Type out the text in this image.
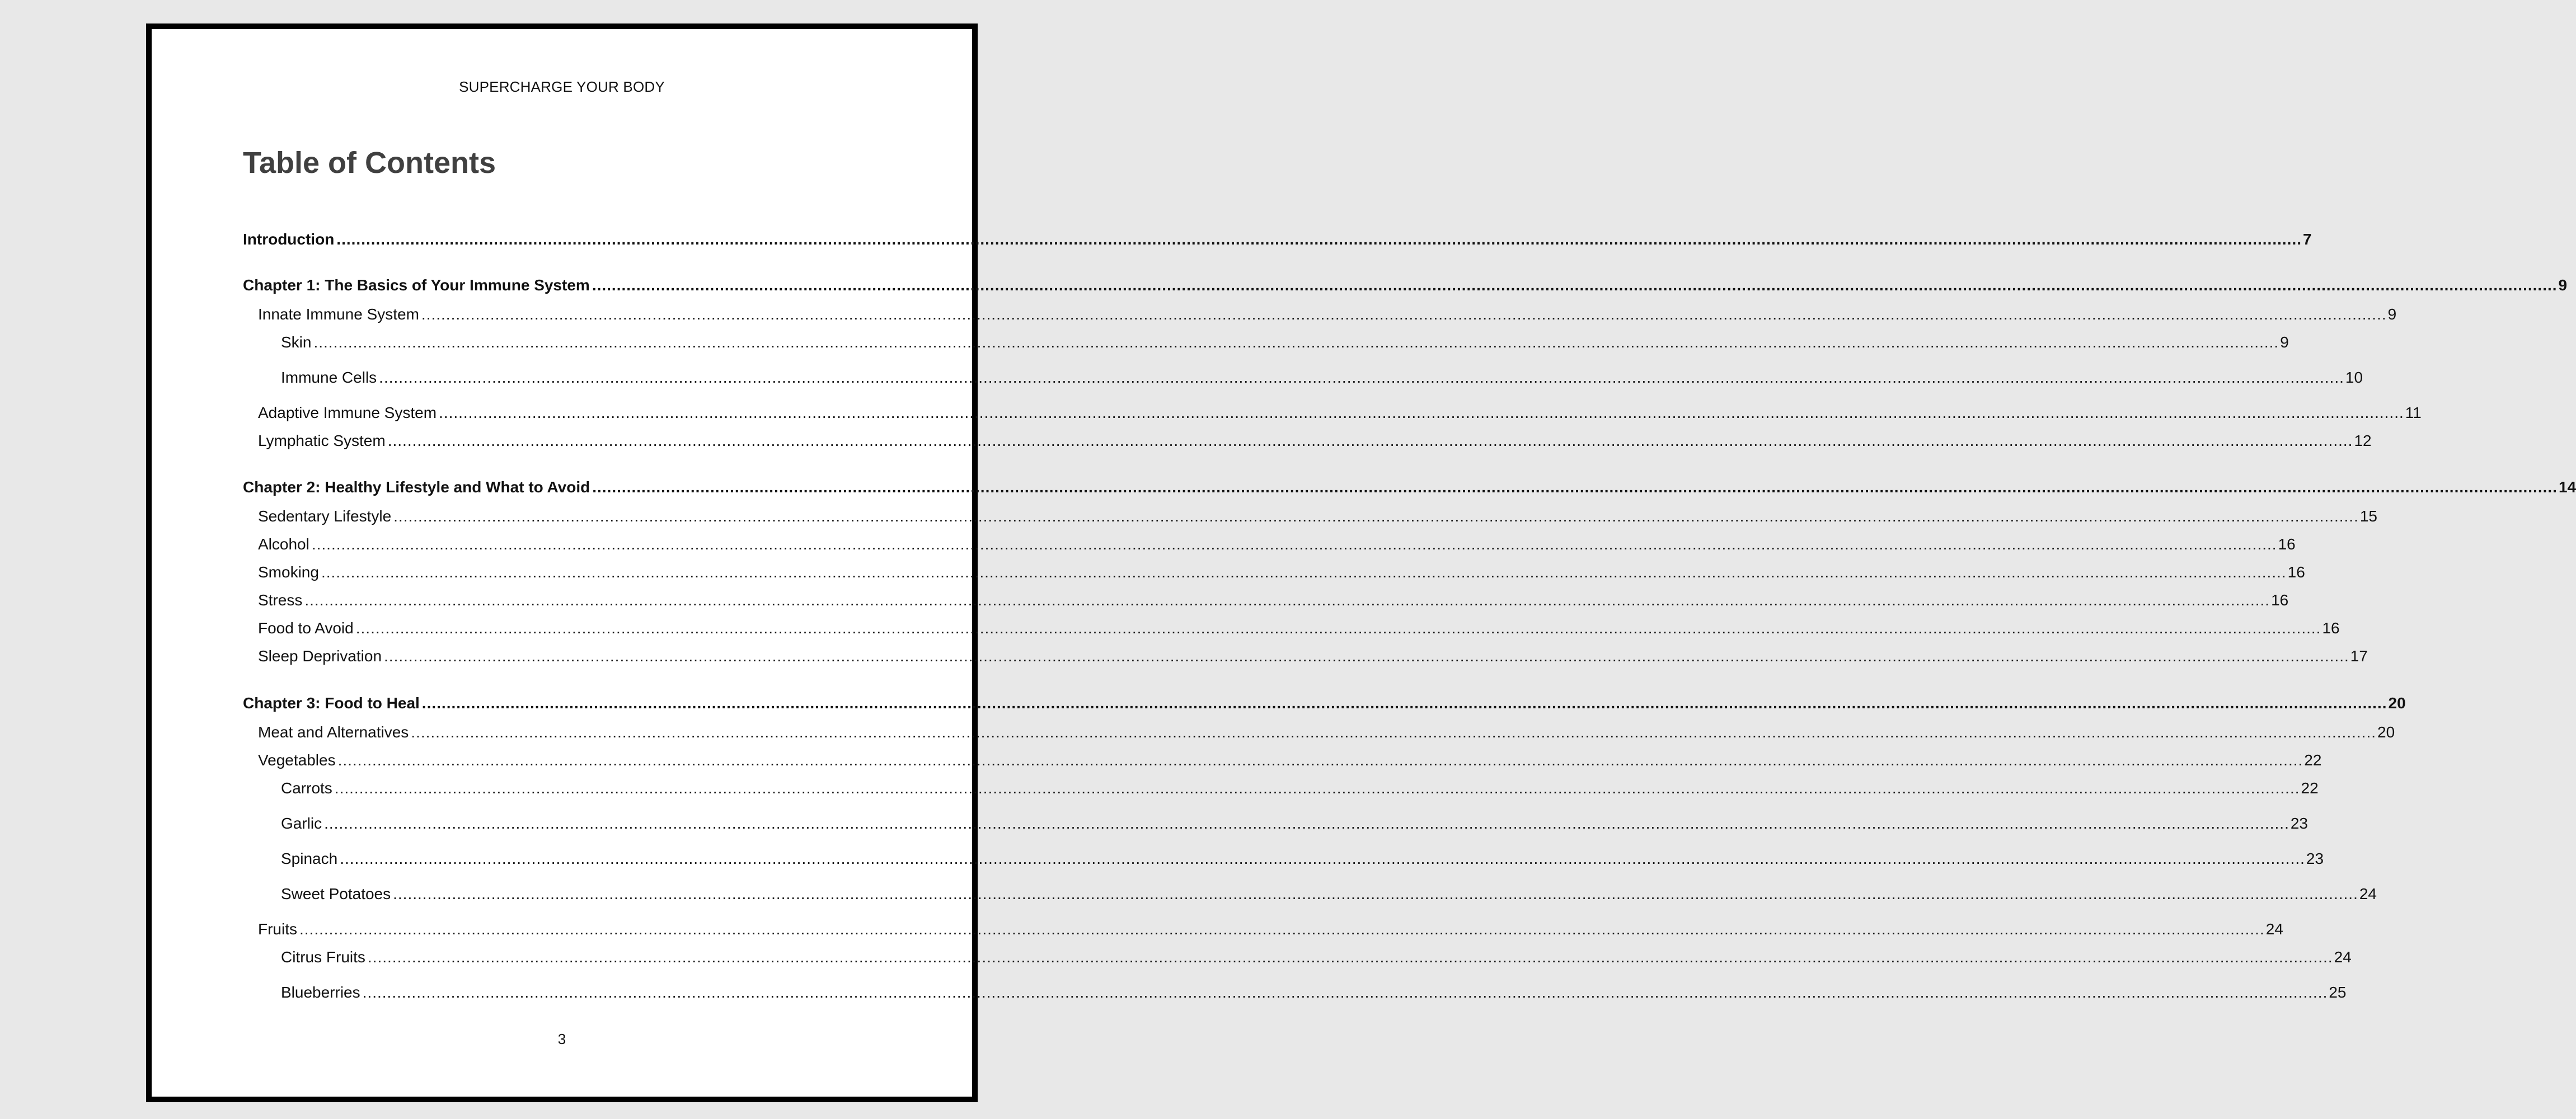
SUPERCHARGE YOUR BODY
Table of Contents
Introduction ................................................................................................................................................................................................................................................................................................................................................................................................................ 7
Chapter 1: The Basics of Your Immune System ................................................................................................................................................................................................................................................................................................................................................................................................................ 9
Innate Immune System ................................................................................................................................................................................................................................................................................................................................................................................................................ 9
Skin ................................................................................................................................................................................................................................................................................................................................................................................................................ 9
Immune Cells ................................................................................................................................................................................................................................................................................................................................................................................................................ 10
Adaptive Immune System ................................................................................................................................................................................................................................................................................................................................................................................................................ 11
Lymphatic System ................................................................................................................................................................................................................................................................................................................................................................................................................ 12
Chapter 2: Healthy Lifestyle and What to Avoid ................................................................................................................................................................................................................................................................................................................................................................................................................ 14
Sedentary Lifestyle ................................................................................................................................................................................................................................................................................................................................................................................................................ 15
Alcohol ................................................................................................................................................................................................................................................................................................................................................................................................................ 16
Smoking ................................................................................................................................................................................................................................................................................................................................................................................................................ 16
Stress ................................................................................................................................................................................................................................................................................................................................................................................................................ 16
Food to Avoid ................................................................................................................................................................................................................................................................................................................................................................................................................ 16
Sleep Deprivation ................................................................................................................................................................................................................................................................................................................................................................................................................ 17
Chapter 3: Food to Heal ................................................................................................................................................................................................................................................................................................................................................................................................................ 20
Meat and Alternatives ................................................................................................................................................................................................................................................................................................................................................................................................................ 20
Vegetables ................................................................................................................................................................................................................................................................................................................................................................................................................ 22
Carrots ................................................................................................................................................................................................................................................................................................................................................................................................................ 22
Garlic ................................................................................................................................................................................................................................................................................................................................................................................................................ 23
Spinach ................................................................................................................................................................................................................................................................................................................................................................................................................ 23
Sweet Potatoes ................................................................................................................................................................................................................................................................................................................................................................................................................ 24
Fruits ................................................................................................................................................................................................................................................................................................................................................................................................................ 24
Citrus Fruits ................................................................................................................................................................................................................................................................................................................................................................................................................ 24
Blueberries ................................................................................................................................................................................................................................................................................................................................................................................................................ 25
3
